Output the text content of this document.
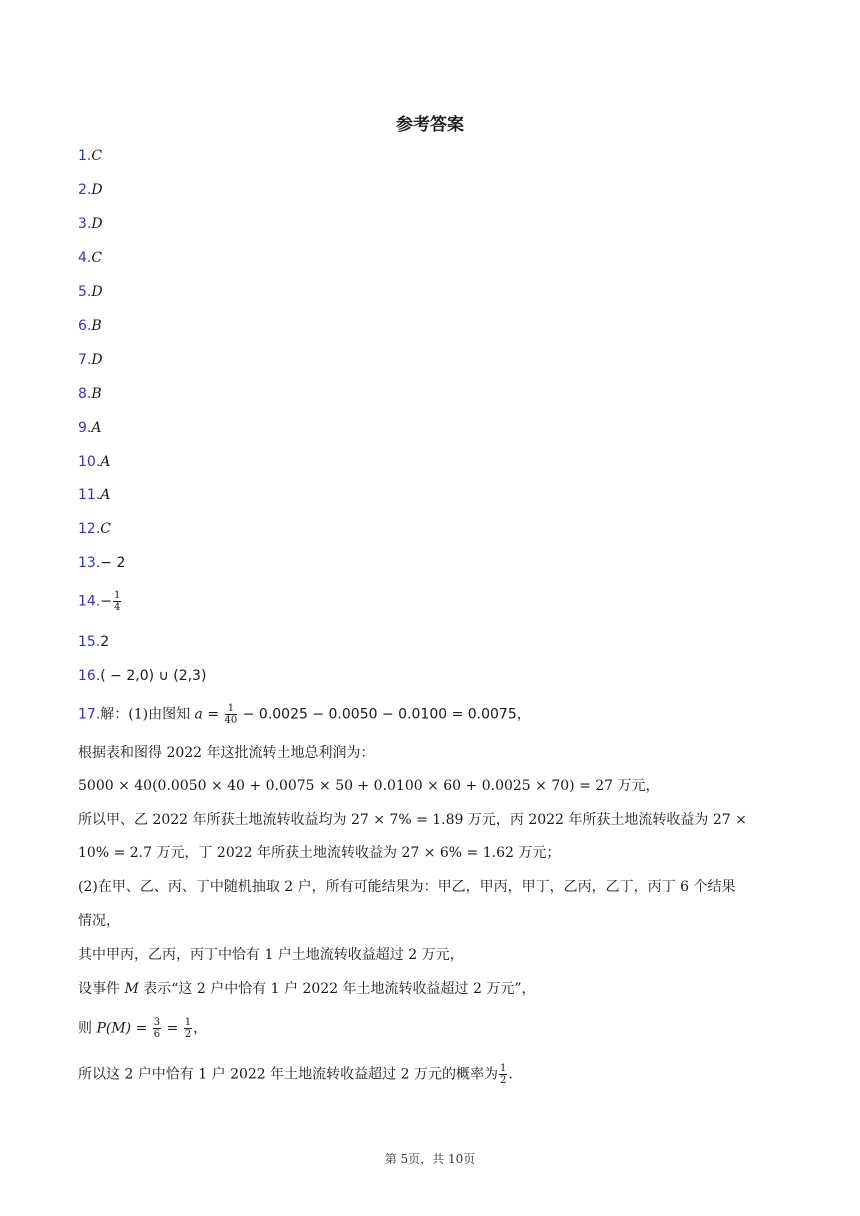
参考答案
1.C
2.D
3.D
4.C
5.D
6.B
7.D
8.B
9.A
10.A
11.A
12.C
13.− 2
$14.- \frac{1}{4}$
15.2
16.( − 2,0) ∪ (2,3)
17.解：(1)由图知 $a = \frac{1}{40} - 0.0025 - 0.0050 - 0.0100 = 0.0075$，
根据表和图得 2022 年这批流转土地总利润为：
5000 × 40(0.0050 × 40 + 0.0075 × 50 + 0.0100 × 60 + 0.0025 × 70) = 27 万元，
所以甲、乙 2022 年所获土地流转收益均为 27 × 7% = 1.89 万元，丙 2022 年所获土地流转收益为 27 ×
10% = 2.7 万元，丁 2022 年所获土地流转收益为 27 × 6% = 1.62 万元；
(2)在甲、乙、丙、丁中随机抽取 2 户，所有可能结果为：甲乙，甲丙，甲丁，乙丙，乙丁，丙丁 6 个结果
情况，
其中甲丙，乙丙，丙丁中恰有 1 户土地流转收益超过 2 万元，
设事件 M 表示“这 2 户中恰有 1 户 2022 年土地流转收益超过 2 万元”，
则 $P(M) = \frac{3}{6} = \frac{1}{2}$ ，
所以这 2 户中恰有 1 户 2022 年土地流转收益超过 2 万元的概率为 $\frac{1}{2}$ .
第 5页，共 10页
